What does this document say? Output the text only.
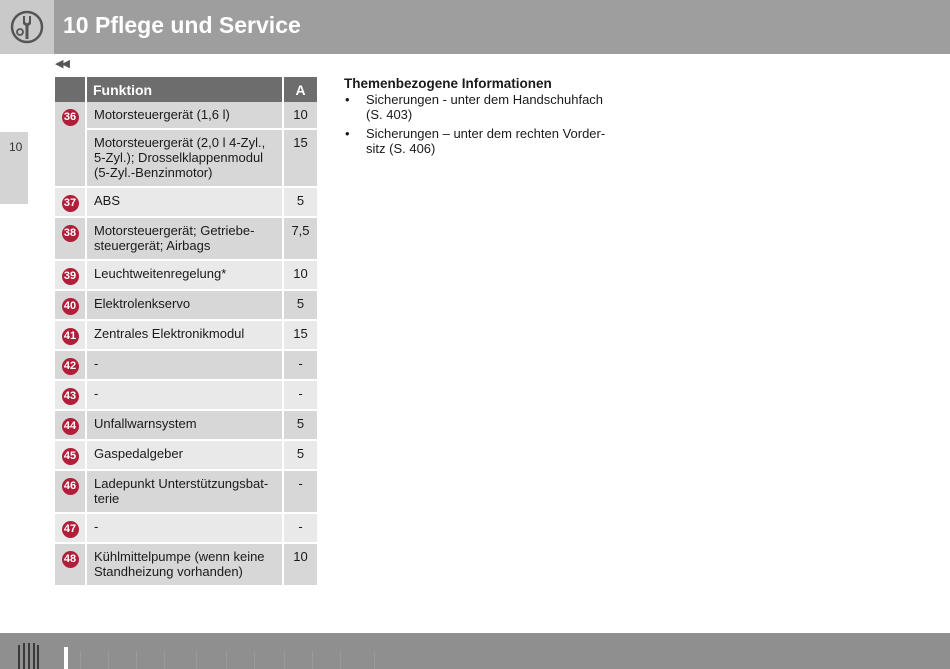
10 Pflege und Service
10
◀◀
	Funktion	A
36	Motorsteuergerät (1,6 l)	10
	Motorsteuergerät (2,0 l 4-Zyl., 5-Zyl.); Drosselklappenmodul (5-Zyl.-Benzinmotor)	15
37	ABS	5
38	Motorsteuergerät; Getriebe-steuergerät; Airbags	7,5
39	Leuchtweitenregelung*	10
40	Elektrolenkservo	5
41	Zentrales Elektronikmodul	15
42	-	-
43	-	-
44	Unfallwarnsystem	5
45	Gaspedalgeber	5
46	Ladepunkt Unterstützungsbat-terie	-
47	-	-
48	Kühlmittelpumpe (wenn keine Standheizung vorhanden)	10
Themenbezogene Informationen
• Sicherungen - unter dem Handschuhfach (S. 403)
• Sicherungen – unter dem rechten Vorder-sitz (S. 406)
